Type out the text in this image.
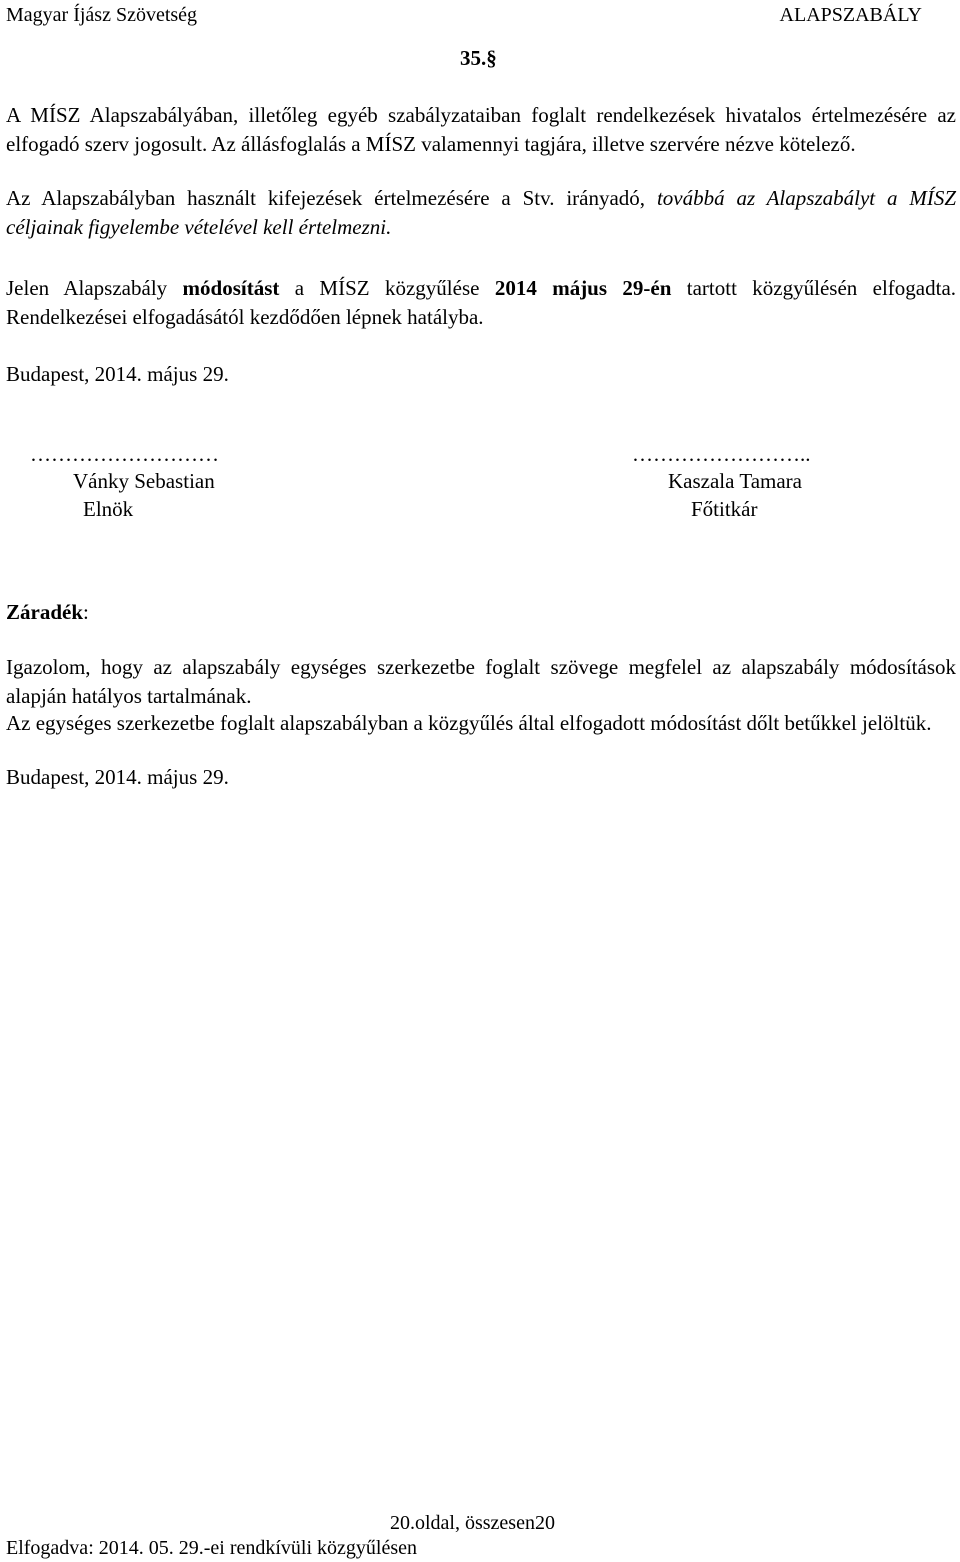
Magyar Íjász Szövetség	ALAPSZABÁLY
35.§
A MÍSZ Alapszabályában, illetőleg egyéb szabályzataiban foglalt rendelkezések hivatalos értelmezésére az elfogadó szerv jogosult. Az állásfoglalás a MÍSZ valamennyi tagjára, illetve szervére nézve kötelező.
Az Alapszabályban használt kifejezések értelmezésére a Stv. irányadó, továbbá az Alapszabályt a MÍSZ céljainak figyelembe vételével kell értelmezni.
Jelen Alapszabály módosítást a MÍSZ közgyűlése 2014 május 29-én tartott közgyűlésén elfogadta. Rendelkezései elfogadásától kezdődően lépnek hatályba.
Budapest, 2014. május 29.
………………………
Vánky Sebastian
Elnök
……………………..
Kaszala Tamara
Főtitkár
Záradék:
Igazolom, hogy az alapszabály egységes szerkezetbe foglalt szövege megfelel az alapszabály módosítások alapján hatályos tartalmának.
Az egységes szerkezetbe foglalt alapszabályban a közgyűlés által elfogadott módosítást dőlt betűkkel jelöltük.
Budapest, 2014. május 29.
20.oldal, összesen20
Elfogadva: 2014. 05. 29.-ei rendkívüli közgyűlésen
